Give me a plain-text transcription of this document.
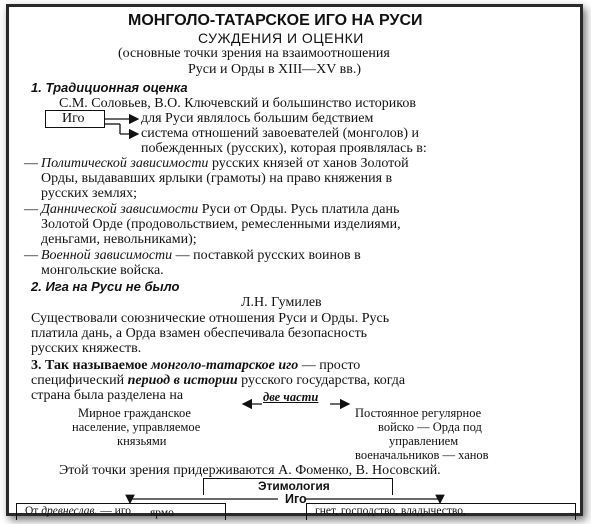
МОНГОЛО-ТАТАРСКОЕ ИГО НА РУСИ
СУЖДЕНИЯ И ОЦЕНКИ
(основные точки зрения на взаимоотношения
Руси и Орды в XIII—XV вв.)
1. Традиционная оценка
С.М. Соловьев, В.О. Ключевский и большинство историков
Иго	для Руси являлось большим бедствием
система отношений завоевателей (монголов) и
побежденных (русских), которая проявлялась в:
— Политической зависимости русских князей от ханов Золотой
Орды, выдававших ярлыки (грамоты) на право княжения в
русских землях;
— Даннической зависимости Руси от Орды. Русь платила дань
Золотой Орде (продовольствием, ремесленными изделиями,
деньгами, невольниками);
— Военной зависимости — поставкой русских воинов в
монгольские войска.
2. Ига на Руси не было
Л.Н. Гумилев
Существовали союзнические отношения Руси и Орды. Русь
платила дань, а Орда взамен обеспечивала безопасность
русских княжеств.
3. Так называемое монголо-татарское иго — просто
специфический период в истории русского государства, когда
страна была разделена на	две части
Мирное гражданское
население, управляемое
князьями
Постоянное регулярное
войско — Орда под
управлением
военачальников — ханов
Этой точки зрения придерживаются А. Фоменко, В. Носовский.
Этимология
Иго
От древнеслав. — иго ярмо	гнет, господство, владычество,
